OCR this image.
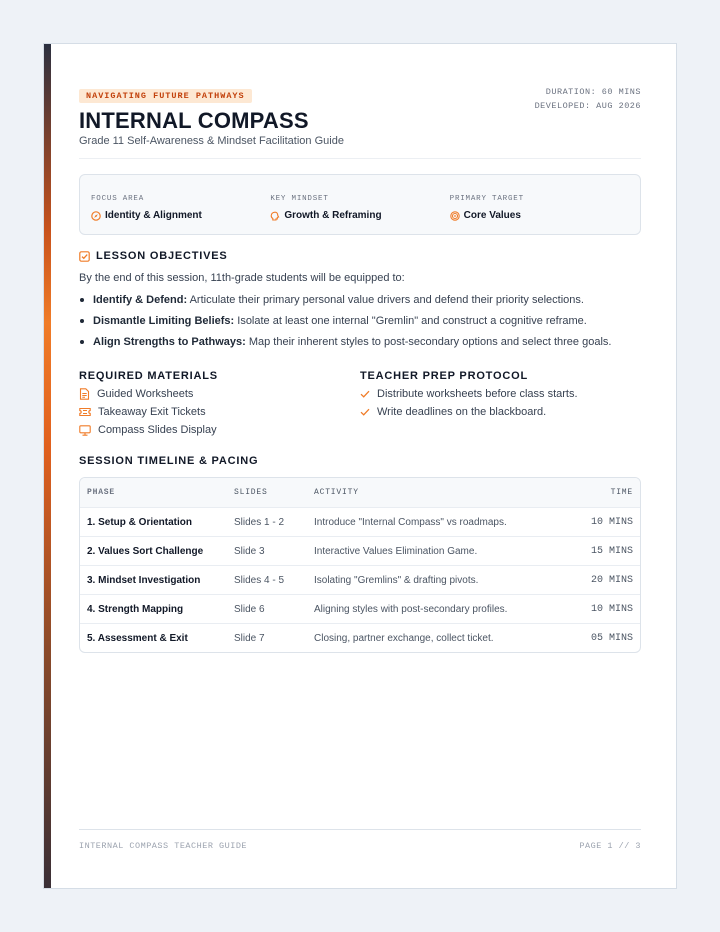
NAVIGATING FUTURE PATHWAYS
INTERNAL COMPASS
Grade 11 Self-Awareness & Mindset Facilitation Guide
DURATION: 60 MINS
DEVELOPED: AUG 2026
FOCUS AREA
Identity & Alignment
KEY MINDSET
Growth & Reframing
PRIMARY TARGET
Core Values
LESSON OBJECTIVES
By the end of this session, 11th-grade students will be equipped to:
Identify & Defend: Articulate their primary personal value drivers and defend their priority selections.
Dismantle Limiting Beliefs: Isolate at least one internal "Gremlin" and construct a cognitive reframe.
Align Strengths to Pathways: Map their inherent styles to post-secondary options and select three goals.
REQUIRED MATERIALS
Guided Worksheets
Takeaway Exit Tickets
Compass Slides Display
TEACHER PREP PROTOCOL
Distribute worksheets before class starts.
Write deadlines on the blackboard.
SESSION TIMELINE & PACING
PHASE	SLIDES	ACTIVITY	TIME
1. Setup & Orientation	Slides 1 - 2	Introduce "Internal Compass" vs roadmaps.	10 MINS
2. Values Sort Challenge	Slide 3	Interactive Values Elimination Game.	15 MINS
3. Mindset Investigation	Slides 4 - 5	Isolating "Gremlins" & drafting pivots.	20 MINS
4. Strength Mapping	Slide 6	Aligning styles with post-secondary profiles.	10 MINS
5. Assessment & Exit	Slide 7	Closing, partner exchange, collect ticket.	05 MINS
INTERNAL COMPASS TEACHER GUIDE	PAGE 1 // 3
